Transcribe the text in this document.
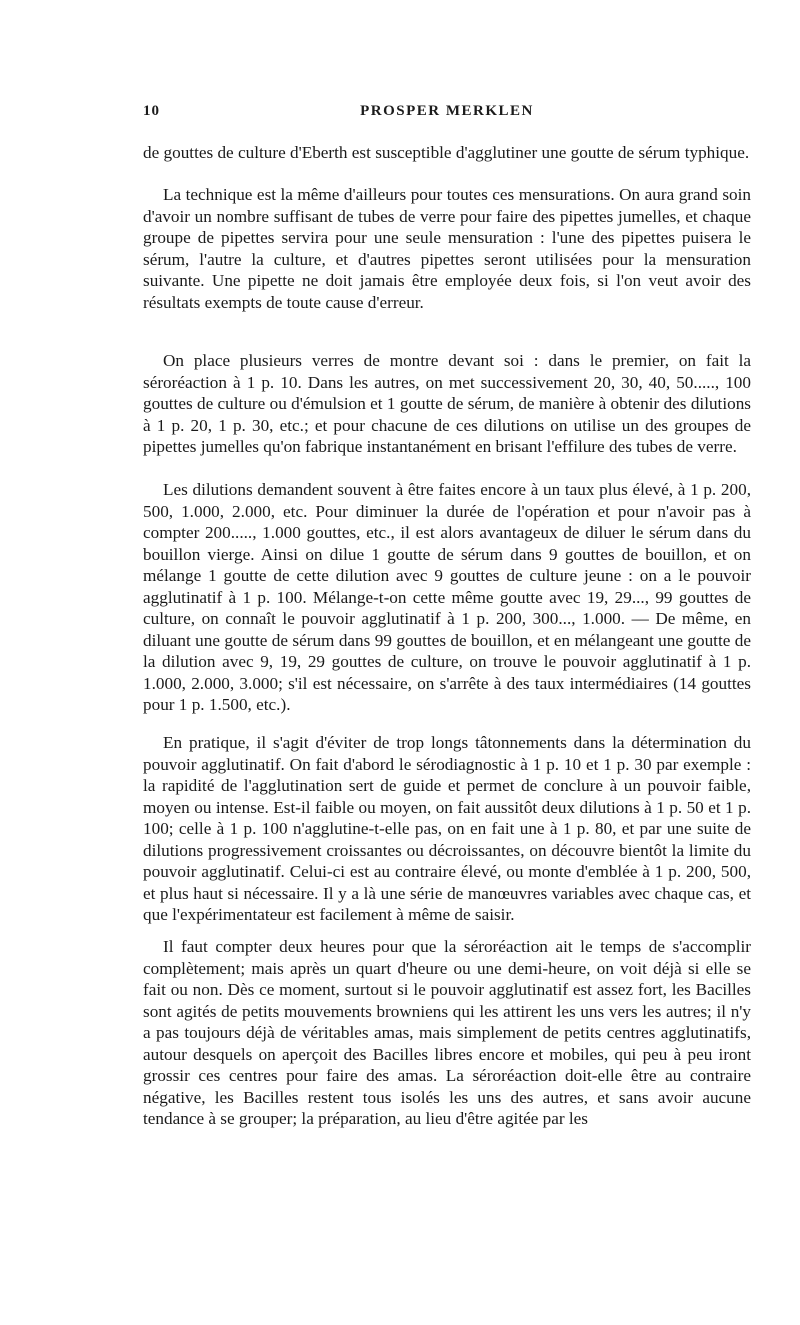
10	PROSPER MERKLEN

de gouttes de culture d'Eberth est susceptible d'agglutiner une goutte de sérum typhique.

La technique est la même d'ailleurs pour toutes ces mensurations. On aura grand soin d'avoir un nombre suffisant de tubes de verre pour faire des pipettes jumelles, et chaque groupe de pipettes servira pour une seule mensuration : l'une des pipettes puisera le sérum, l'autre la culture, et d'autres pipettes seront utilisées pour la mensuration suivante. Une pipette ne doit jamais être employée deux fois, si l'on veut avoir des résultats exempts de toute cause d'erreur.

On place plusieurs verres de montre devant soi : dans le premier, on fait la séroréaction à 1 p. 10. Dans les autres, on met successivement 20, 30, 40, 50....., 100 gouttes de culture ou d'émulsion et 1 goutte de sérum, de manière à obtenir des dilutions à 1 p. 20, 1 p. 30, etc.; et pour chacune de ces dilutions on utilise un des groupes de pipettes jumelles qu'on fabrique instantanément en brisant l'effilure des tubes de verre.

Les dilutions demandent souvent à être faites encore à un taux plus élevé, à 1 p. 200, 500, 1.000, 2.000, etc. Pour diminuer la durée de l'opération et pour n'avoir pas à compter 200....., 1.000 gouttes, etc., il est alors avantageux de diluer le sérum dans du bouillon vierge. Ainsi on dilue 1 goutte de sérum dans 9 gouttes de bouillon, et on mélange 1 goutte de cette dilution avec 9 gouttes de culture jeune : on a le pouvoir agglutinatif à 1 p. 100. Mélange-t-on cette même goutte avec 19, 29..., 99 gouttes de culture, on connaît le pouvoir agglutinatif à 1 p. 200, 300..., 1.000. — De même, en diluant une goutte de sérum dans 99 gouttes de bouillon, et en mélangeant une goutte de la dilution avec 9, 19, 29 gouttes de culture, on trouve le pouvoir agglutinatif à 1 p. 1.000, 2.000, 3.000; s'il est nécessaire, on s'arrête à des taux intermédiaires (14 gouttes pour 1 p. 1.500, etc.).

En pratique, il s'agit d'éviter de trop longs tâtonnements dans la détermination du pouvoir agglutinatif. On fait d'abord le sérodiagnostic à 1 p. 10 et 1 p. 30 par exemple : la rapidité de l'agglutination sert de guide et permet de conclure à un pouvoir faible, moyen ou intense. Est-il faible ou moyen, on fait aussitôt deux dilutions à 1 p. 50 et 1 p. 100; celle à 1 p. 100 n'agglutine-t-elle pas, on en fait une à 1 p. 80, et par une suite de dilutions progressivement croissantes ou décroissantes, on découvre bientôt la limite du pouvoir agglutinatif. Celui-ci est au contraire élevé, ou monte d'emblée à 1 p. 200, 500, et plus haut si nécessaire. Il y a là une série de manœuvres variables avec chaque cas, et que l'expérimentateur est facilement à même de saisir.

Il faut compter deux heures pour que la séroréaction ait le temps de s'accomplir complètement; mais après un quart d'heure ou une demi-heure, on voit déjà si elle se fait ou non. Dès ce moment, surtout si le pouvoir agglutinatif est assez fort, les Bacilles sont agités de petits mouvements browniens qui les attirent les uns vers les autres; il n'y a pas toujours déjà de véritables amas, mais simplement de petits centres agglutinatifs, autour desquels on aperçoit des Bacilles libres encore et mobiles, qui peu à peu iront grossir ces centres pour faire des amas. La séroréaction doit-elle être au contraire négative, les Bacilles restent tous isolés les uns des autres, et sans avoir aucune tendance à se grouper; la préparation, au lieu d'être agitée par les
